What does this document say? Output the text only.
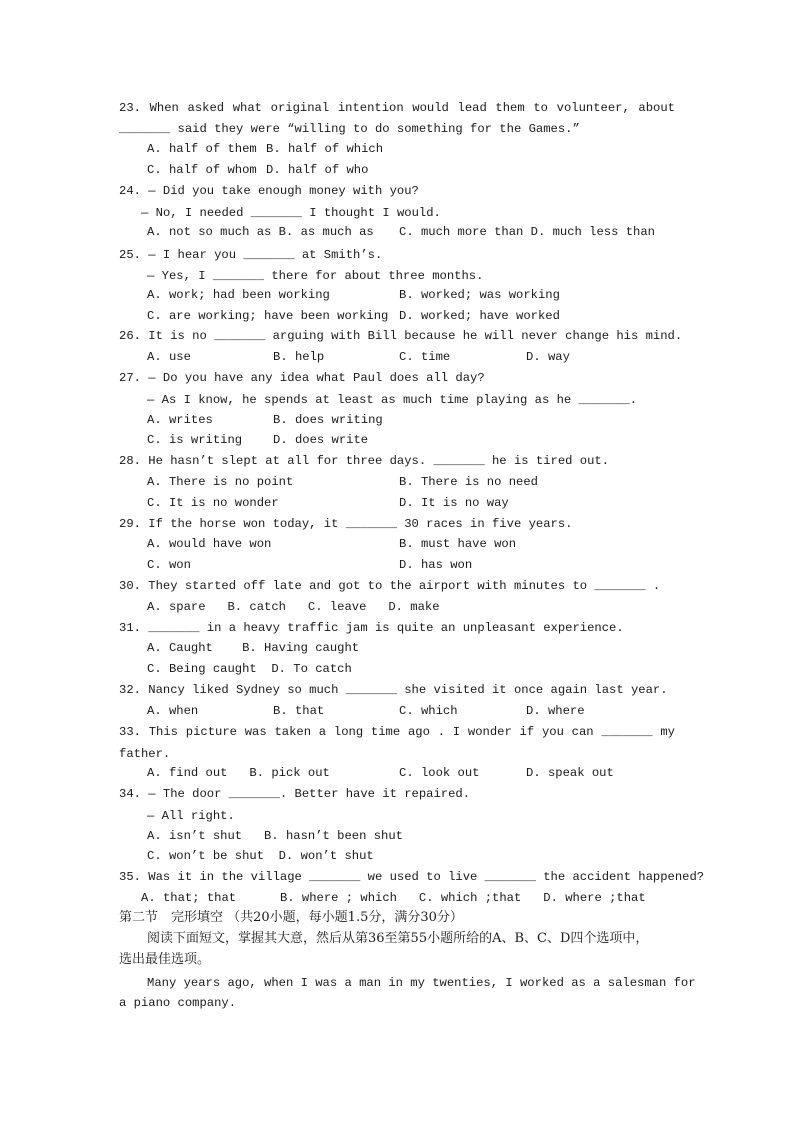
23. When asked what original intention would lead them to volunteer, about
_______ said they were “willing to do something for the Games.”
A. half of them B. half of which
C. half of whom D. half of who
24. — Did you take enough money with you?
— No, I needed _______ I thought I would.
A. not so much as B. as much as C. much more than D. much less than
25. — I hear you _______ at Smith’s.
— Yes, I _______ there for about three months.
A. work; had been working	B. worked; was working
C. are working; have been working D. worked; have worked
26. It is no _______ arguing with Bill because he will never change his mind.
A. use	B. help	C. time	D. way
27. — Do you have any idea what Paul does all day?
— As I know, he spends at least as much time playing as he _______.
A. writes	B. does writing
C. is writing	D. does write
28. He hasn’t slept at all for three days. _______ he is tired out.
A. There is no point	B. There is no need
C. It is no wonder	D. It is no way
29. If the horse won today, it _______ 30 races in five years.
A. would have won	B. must have won
C. won	D. has won
30. They started off late and got to the airport with minutes to _______ .
A. spare   B. catch   C. leave   D. make
31. _______ in a heavy traffic jam is quite an unpleasant experience.
A. Caught    B. Having caught
C. Being caught  D. To catch
32. Nancy liked Sydney so much _______ she visited it once again last year.
A. when	B. that	C. which	D. where
33. This picture was taken a long time ago . I wonder if you can _______ my
father.
A. find out   B. pick out	C. look out	D. speak out
34. — The door _______. Better have it repaired.
— All right.
A. isn’t shut   B. hasn’t been shut
C. won’t be shut  D. won’t shut
35. Was it in the village _______ we used to live _______ the accident happened?
A. that; that      B. where ; which   C. which ;that   D. where ;that
第二节　完形填空 （共20小题，每小题1.5分，满分30分）
阅读下面短文，掌握其大意，然后从第36至第55小题所给的A、B、C、D四个选项中，
选出最佳选项。
Many years ago, when I was a man in my twenties, I worked as a salesman for
a piano company.
